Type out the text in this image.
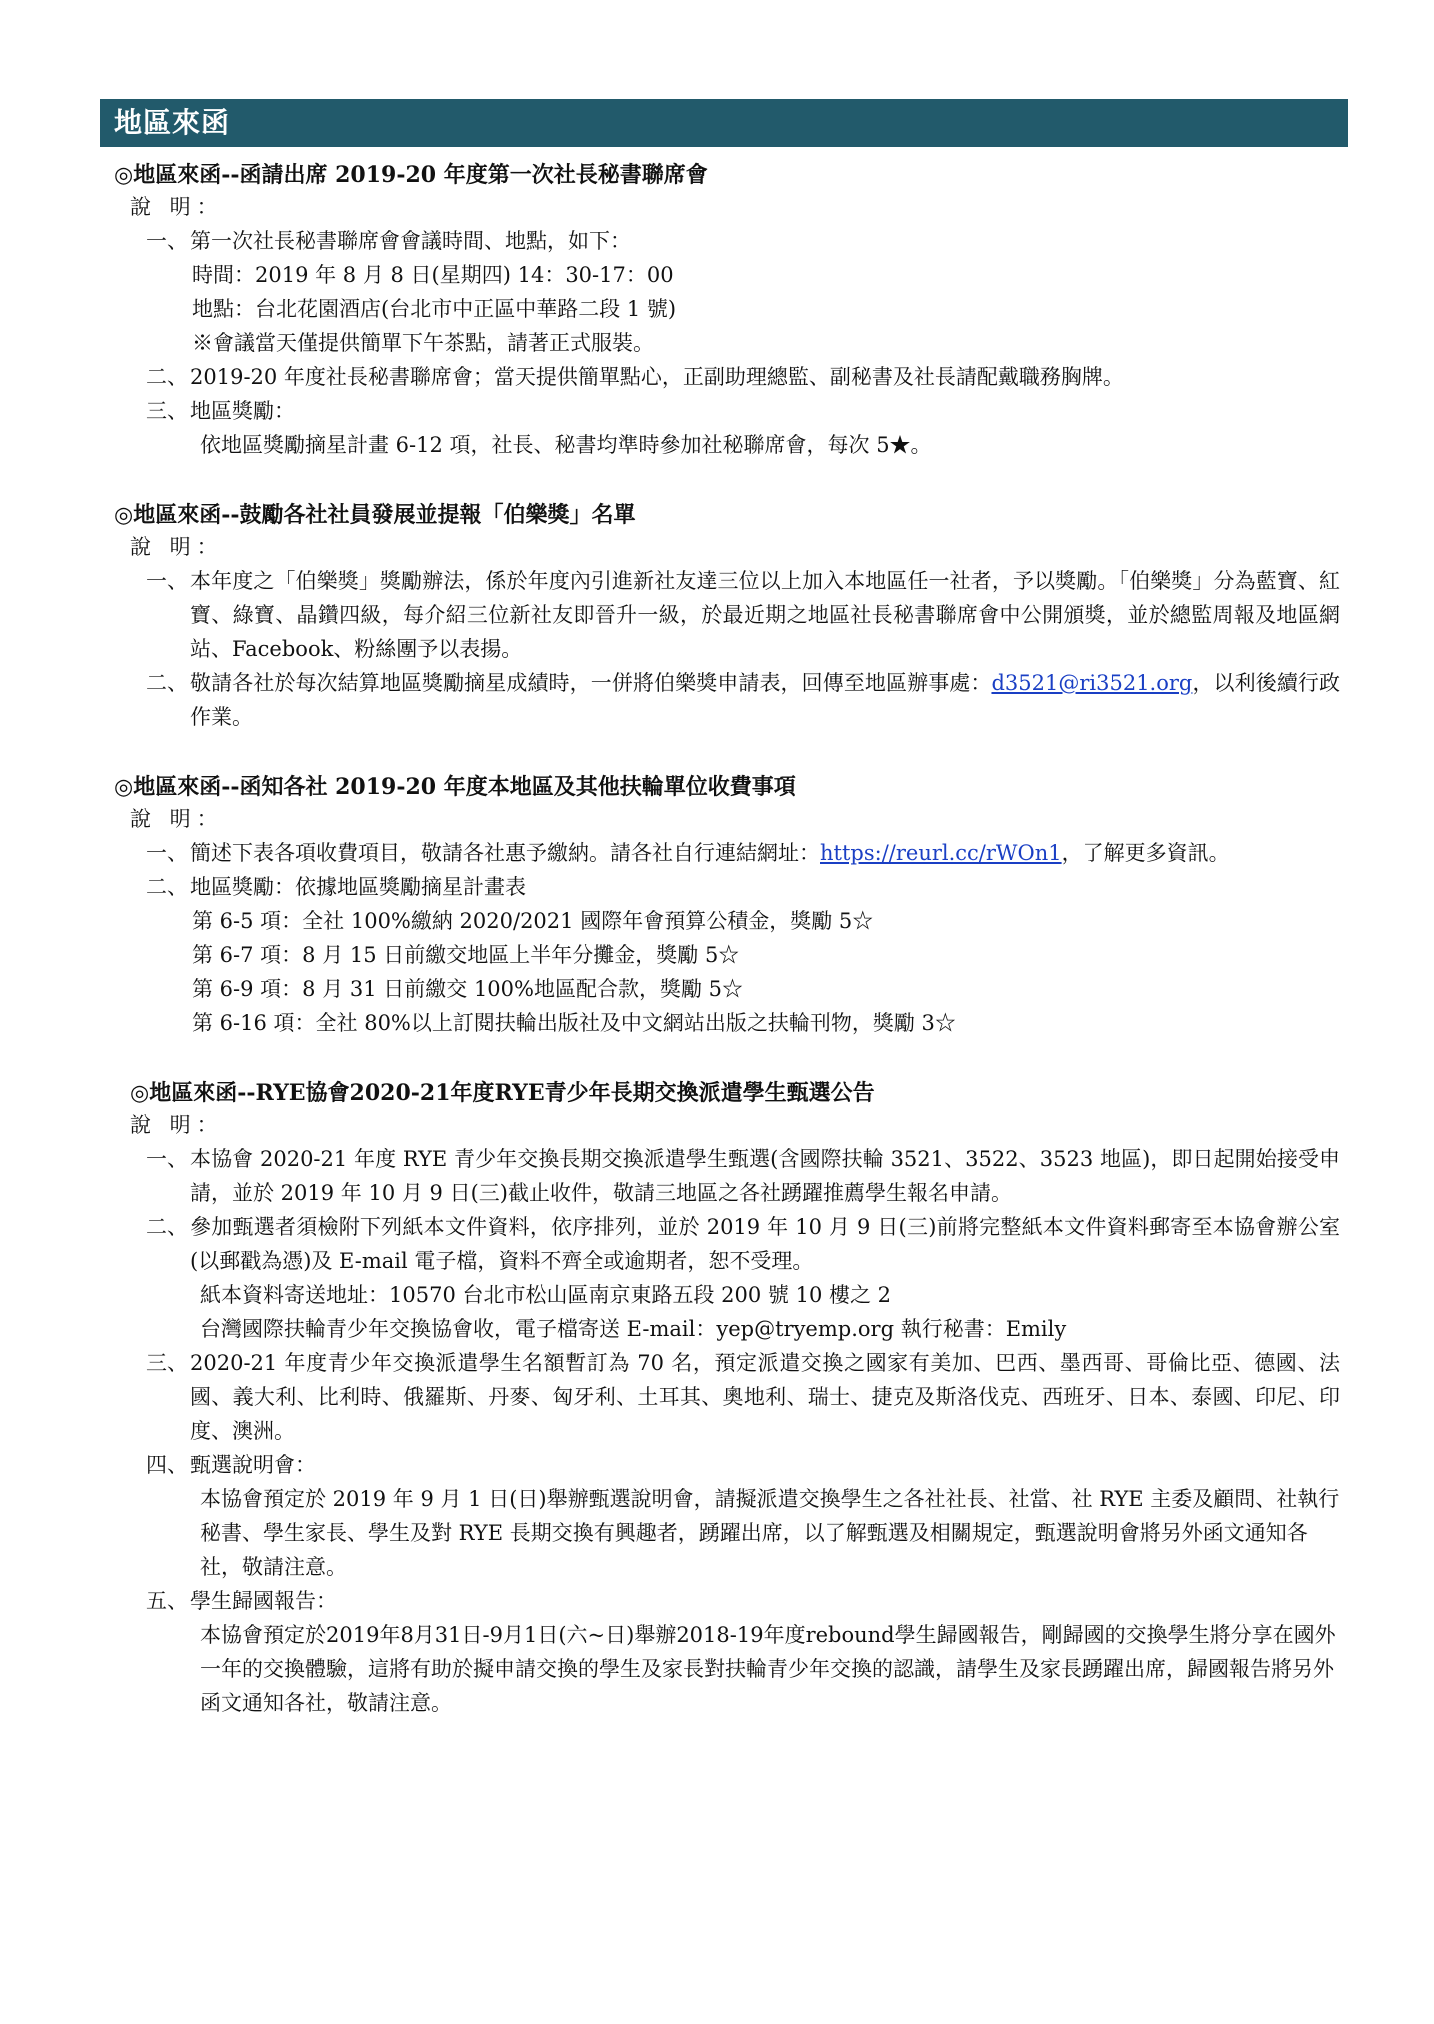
地區來函
◎地區來函--函請出席 2019-20 年度第一次社長秘書聯席會
說 明：
一、 第一次社長秘書聯席會會議時間、地點，如下：
時間：2019 年 8 月 8 日(星期四) 14：30-17：00
地點：台北花園酒店(台北市中正區中華路二段 1 號)
※會議當天僅提供簡單下午茶點，請著正式服裝。
二、 2019-20 年度社長秘書聯席會；當天提供簡單點心，正副助理總監、副秘書及社長請配戴職務胸牌。
三、 地區獎勵：
依地區獎勵摘星計畫 6-12 項，社長、秘書均準時參加社秘聯席會，每次 5★。
◎地區來函--鼓勵各社社員發展並提報「伯樂獎」名單
說 明：
一、 本年度之「伯樂獎」獎勵辦法，係於年度內引進新社友達三位以上加入本地區任一社者，予以獎勵。「伯樂獎」分為藍寶、紅寶、綠寶、晶鑽四級，每介紹三位新社友即晉升一級，於最近期之地區社長秘書聯席會中公開頒獎，並於總監周報及地區網站、Facebook、粉絲團予以表揚。
二、 敬請各社於每次結算地區獎勵摘星成績時，一併將伯樂獎申請表，回傳至地區辦事處：d3521@ri3521.org，以利後續行政作業。
◎地區來函--函知各社 2019-20 年度本地區及其他扶輪單位收費事項
說 明：
一、 簡述下表各項收費項目，敬請各社惠予繳納。請各社自行連結網址：https://reurl.cc/rWOn1，了解更多資訊。
二、 地區獎勵：依據地區獎勵摘星計畫表
第 6-5 項：全社 100%繳納 2020/2021 國際年會預算公積金，獎勵 5☆
第 6-7 項：8 月 15 日前繳交地區上半年分攤金，獎勵 5☆
第 6-9 項：8 月 31 日前繳交 100%地區配合款，獎勵 5☆
第 6-16 項：全社 80%以上訂閱扶輪出版社及中文網站出版之扶輪刊物，獎勵 3☆
◎地區來函--RYE協會2020-21年度RYE青少年長期交換派遣學生甄選公告
說 明：
一、 本協會 2020-21 年度 RYE 青少年交換長期交換派遣學生甄選(含國際扶輪 3521、3522、3523 地區)，即日起開始接受申請，並於 2019 年 10 月 9 日(三)截止收件，敬請三地區之各社踴躍推薦學生報名申請。
二、 參加甄選者須檢附下列紙本文件資料，依序排列，並於 2019 年 10 月 9 日(三)前將完整紙本文件資料郵寄至本協會辦公室(以郵戳為憑)及 E-mail 電子檔，資料不齊全或逾期者，恕不受理。
紙本資料寄送地址：10570 台北市松山區南京東路五段 200 號 10 樓之 2
台灣國際扶輪青少年交換協會收，電子檔寄送 E-mail：yep@tryemp.org 執行秘書：Emily
三、 2020-21 年度青少年交換派遣學生名額暫訂為 70 名，預定派遣交換之國家有美加、巴西、墨西哥、哥倫比亞、德國、法國、義大利、比利時、俄羅斯、丹麥、匈牙利、土耳其、奧地利、瑞士、捷克及斯洛伐克、西班牙、日本、泰國、印尼、印度、澳洲。
四、 甄選說明會：
本協會預定於 2019 年 9 月 1 日(日)舉辦甄選說明會，請擬派遣交換學生之各社社長、社當、社 RYE 主委及顧問、社執行秘書、學生家長、學生及對 RYE 長期交換有興趣者，踴躍出席，以了解甄選及相關規定，甄選說明會將另外函文通知各社，敬請注意。
五、 學生歸國報告：
本協會預定於2019年8月31日-9月1日(六~日)舉辦2018-19年度rebound學生歸國報告，剛歸國的交換學生將分享在國外一年的交換體驗，這將有助於擬申請交換的學生及家長對扶輪青少年交換的認識，請學生及家長踴躍出席，歸國報告將另外函文通知各社，敬請注意。
